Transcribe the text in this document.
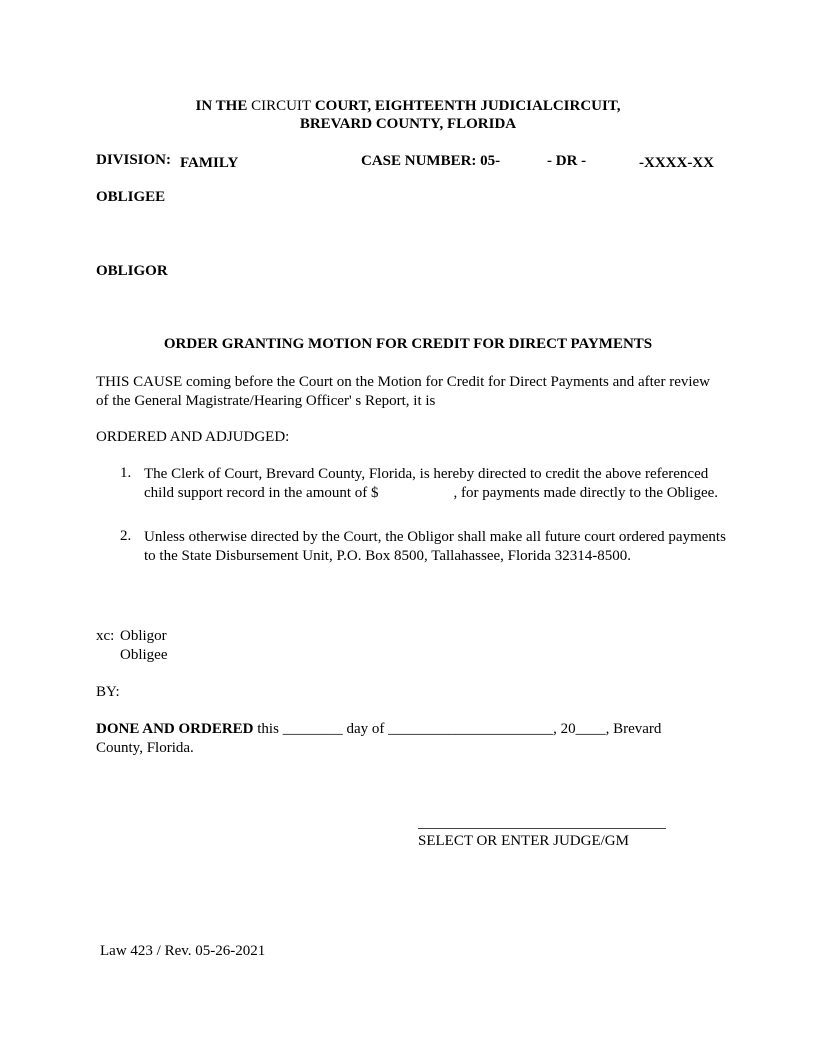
IN THE CIRCUIT COURT, EIGHTEENTH JUDICIALCIRCUIT,
BREVARD COUNTY, FLORIDA
DIVISION: FAMILY	CASE NUMBER: 05-	- DR -	-XXXX-XX
OBLIGEE
OBLIGOR
ORDER GRANTING MOTION FOR CREDIT FOR DIRECT PAYMENTS
THIS CAUSE coming before the Court on the Motion for Credit for Direct Payments and after review of the General Magistrate/Hearing Officer' s Report, it is
ORDERED AND ADJUDGED:
1. The Clerk of Court, Brevard County, Florida, is hereby directed to credit the above referenced child support record in the amount of $                    , for payments made directly to the Obligee.
2. Unless otherwise directed by the Court, the Obligor shall make all future court ordered payments to the State Disbursement Unit, P.O. Box 8500, Tallahassee, Florida 32314-8500.
xc: Obligor
Obligee
BY:
DONE AND ORDERED this ________ day of ______________________, 20____, Brevard County, Florida.
SELECT OR ENTER JUDGE/GM
Law 423 / Rev. 05-26-2021
